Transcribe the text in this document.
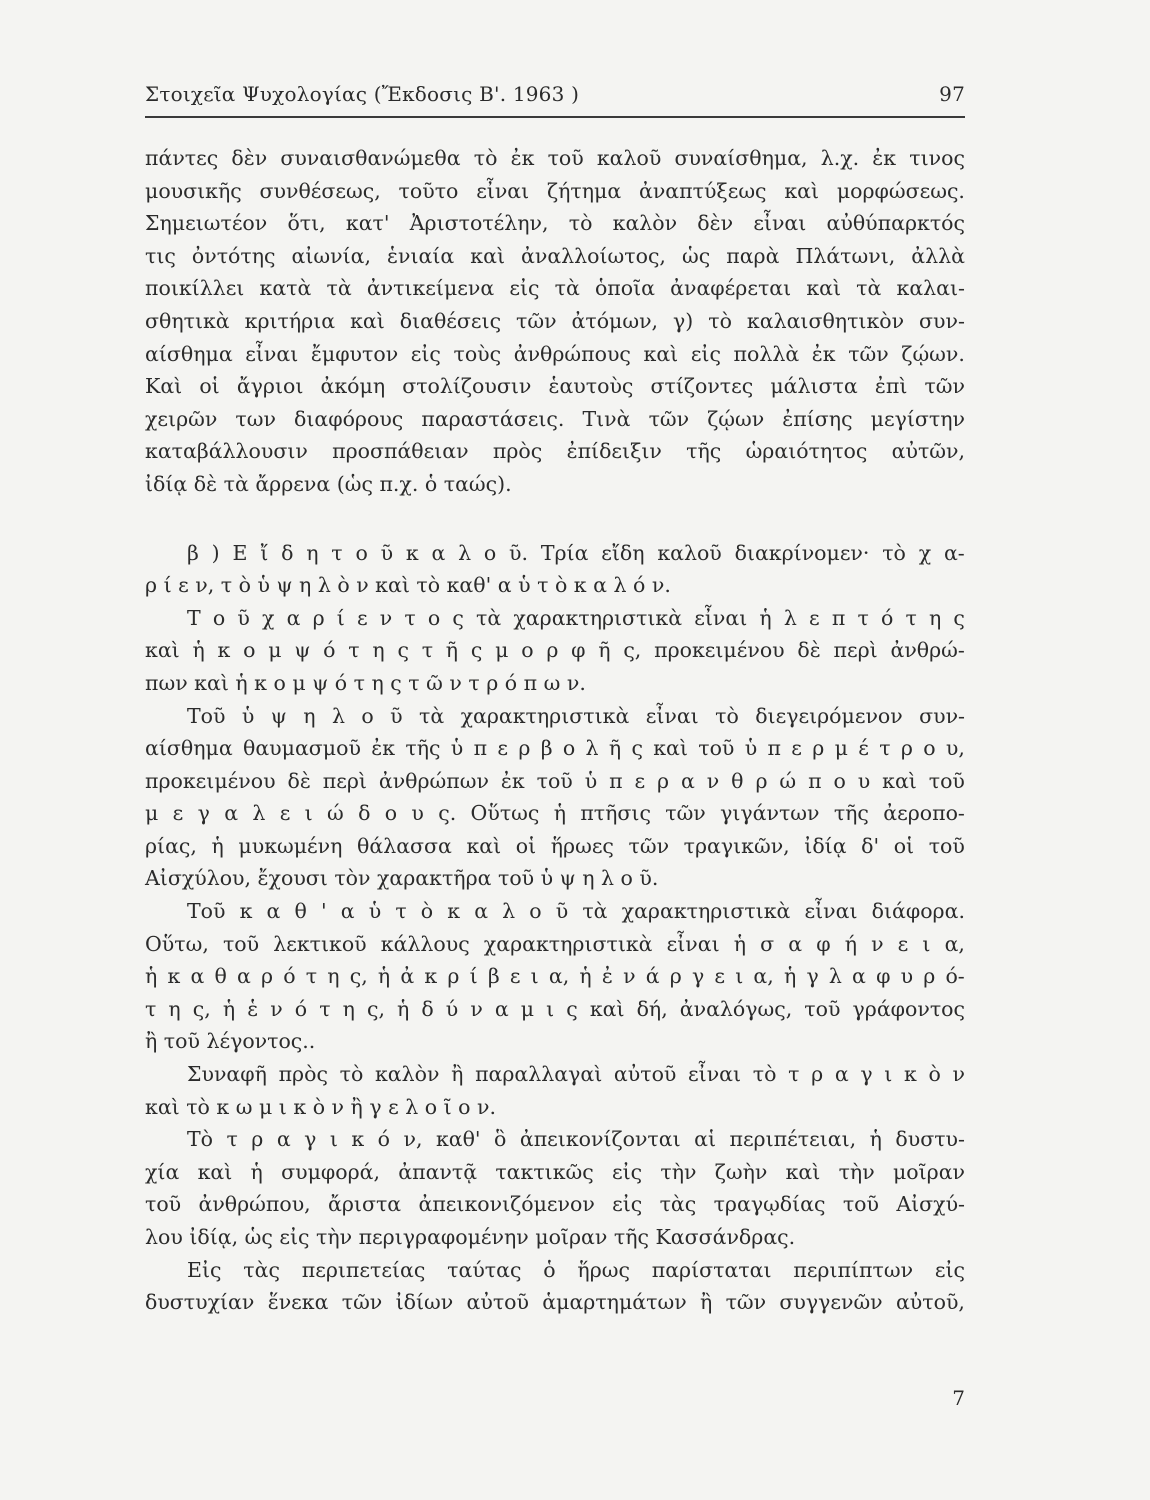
Στοιχεῖα Ψυχολογίας (Ἔκδοσις Β'. 1963 )	97
πάντες δὲν συναισθανώμεθα τὸ ἐκ τοῦ καλοῦ συναίσθημα, λ.χ. ἐκ τινος
μουσικῆς συνθέσεως, τοῦτο εἶναι ζήτημα ἀναπτύξεως καὶ μορφώσεως.
Σημειωτέον ὅτι, κατ' Ἀριστοτέλην, τὸ καλὸν δὲν εἶναι αὐθύπαρκτός
τις ὀντότης αἰωνία, ἑνιαία καὶ ἀναλλοίωτος, ὡς παρὰ Πλάτωνι, ἀλλὰ
ποικίλλει κατὰ τὰ ἀντικείμενα εἰς τὰ ὁποῖα ἀναφέρεται καὶ τὰ καλαι-
σθητικὰ κριτήρια καὶ διαθέσεις τῶν ἀτόμων, γ) τὸ καλαισθητικὸν συν-
αίσθημα εἶναι ἔμφυτον εἰς τοὺς ἀνθρώπους καὶ εἰς πολλὰ ἐκ τῶν ζῴων.
Καὶ οἱ ἄγριοι ἀκόμη στολίζουσιν ἑαυτοὺς στίζοντες μάλιστα ἐπὶ τῶν
χειρῶν των διαφόρους παραστάσεις. Τινὰ τῶν ζῴων ἐπίσης μεγίστην
καταβάλλουσιν προσπάθειαν πρὸς ἐπίδειξιν τῆς ὡραιότητος αὐτῶν,
ἰδίᾳ δὲ τὰ ἄρρενα (ὡς π.χ. ὁ ταώς).
β ) Ε ἴ δ η τ ο ῦ κ α λ ο ῦ. Τρία εἴδη καλοῦ διακρίνομεν· τὸ χ α-
ρ ί ε ν, τ ὸ ὑ ψ η λ ὸ ν καὶ τὸ καθ' α ὑ τ ὸ κ α λ ό ν.
Τ ο ῦ χ α ρ ί ε ν τ ο ς τὰ χαρακτηριστικὰ εἶναι ἡ λ ε π τ ό τ η ς
καὶ ἡ κ ο μ ψ ό τ η ς τ ῆ ς μ ο ρ φ ῆ ς, προκειμένου δὲ περὶ ἀνθρώ-
πων καὶ ἡ κ ο μ ψ ό τ η ς τ ῶ ν τ ρ ό π ω ν.
Τοῦ ὑ ψ η λ ο ῦ τὰ χαρακτηριστικὰ εἶναι τὸ διεγειρόμενον συν-
αίσθημα θαυμασμοῦ ἐκ τῆς ὑ π ε ρ β ο λ ῆ ς καὶ τοῦ ὑ π ε ρ μ έ τ ρ ο υ,
προκειμένου δὲ περὶ ἀνθρώπων ἐκ τοῦ ὑ π ε ρ α ν θ ρ ώ π ο υ καὶ τοῦ
μ ε γ α λ ε ι ώ δ ο υ ς. Οὕτως ἡ πτῆσις τῶν γιγάντων τῆς ἀεροπο-
ρίας, ἡ μυκωμένη θάλασσα καὶ οἱ ἥρωες τῶν τραγικῶν, ἰδίᾳ δ' οἱ τοῦ
Αἰσχύλου, ἔχουσι τὸν χαρακτῆρα τοῦ ὑ ψ η λ ο ῦ.
Τοῦ κ α θ ' α ὑ τ ὸ κ α λ ο ῦ τὰ χαρακτηριστικὰ εἶναι διάφορα.
Οὕτω, τοῦ λεκτικοῦ κάλλους χαρακτηριστικὰ εἶναι ἡ σ α φ ή ν ε ι α,
ἡ κ α θ α ρ ό τ η ς, ἡ ἀ κ ρ ί β ε ι α, ἡ ἐ ν ά ρ γ ε ι α, ἡ γ λ α φ υ ρ ό-
τ η ς, ἡ ἑ ν ό τ η ς, ἡ δ ύ ν α μ ι ς καὶ δή, ἀναλόγως, τοῦ γράφοντος
ἢ τοῦ λέγοντος..
Συναφῆ πρὸς τὸ καλὸν ἢ παραλλαγαὶ αὐτοῦ εἶναι τὸ τ ρ α γ ι κ ὸ ν
καὶ τὸ κ ω μ ι κ ὸ ν ἢ γ ε λ ο ῖ ο ν.
Τὸ τ ρ α γ ι κ ό ν, καθ' ὃ ἀπεικονίζονται αἱ περιπέτειαι, ἡ δυστυ-
χία καὶ ἡ συμφορά, ἀπαντᾷ τακτικῶς εἰς τὴν ζωὴν καὶ τὴν μοῖραν
τοῦ ἀνθρώπου, ἄριστα ἀπεικονιζόμενον εἰς τὰς τραγῳδίας τοῦ Αἰσχύ-
λου ἰδίᾳ, ὡς εἰς τὴν περιγραφομένην μοῖραν τῆς Κασσάνδρας.
Εἰς τὰς περιπετείας ταύτας ὁ ἥρως παρίσταται περιπίπτων εἰς
δυστυχίαν ἕνεκα τῶν ἰδίων αὐτοῦ ἁμαρτημάτων ἢ τῶν συγγενῶν αὐτοῦ,
7
